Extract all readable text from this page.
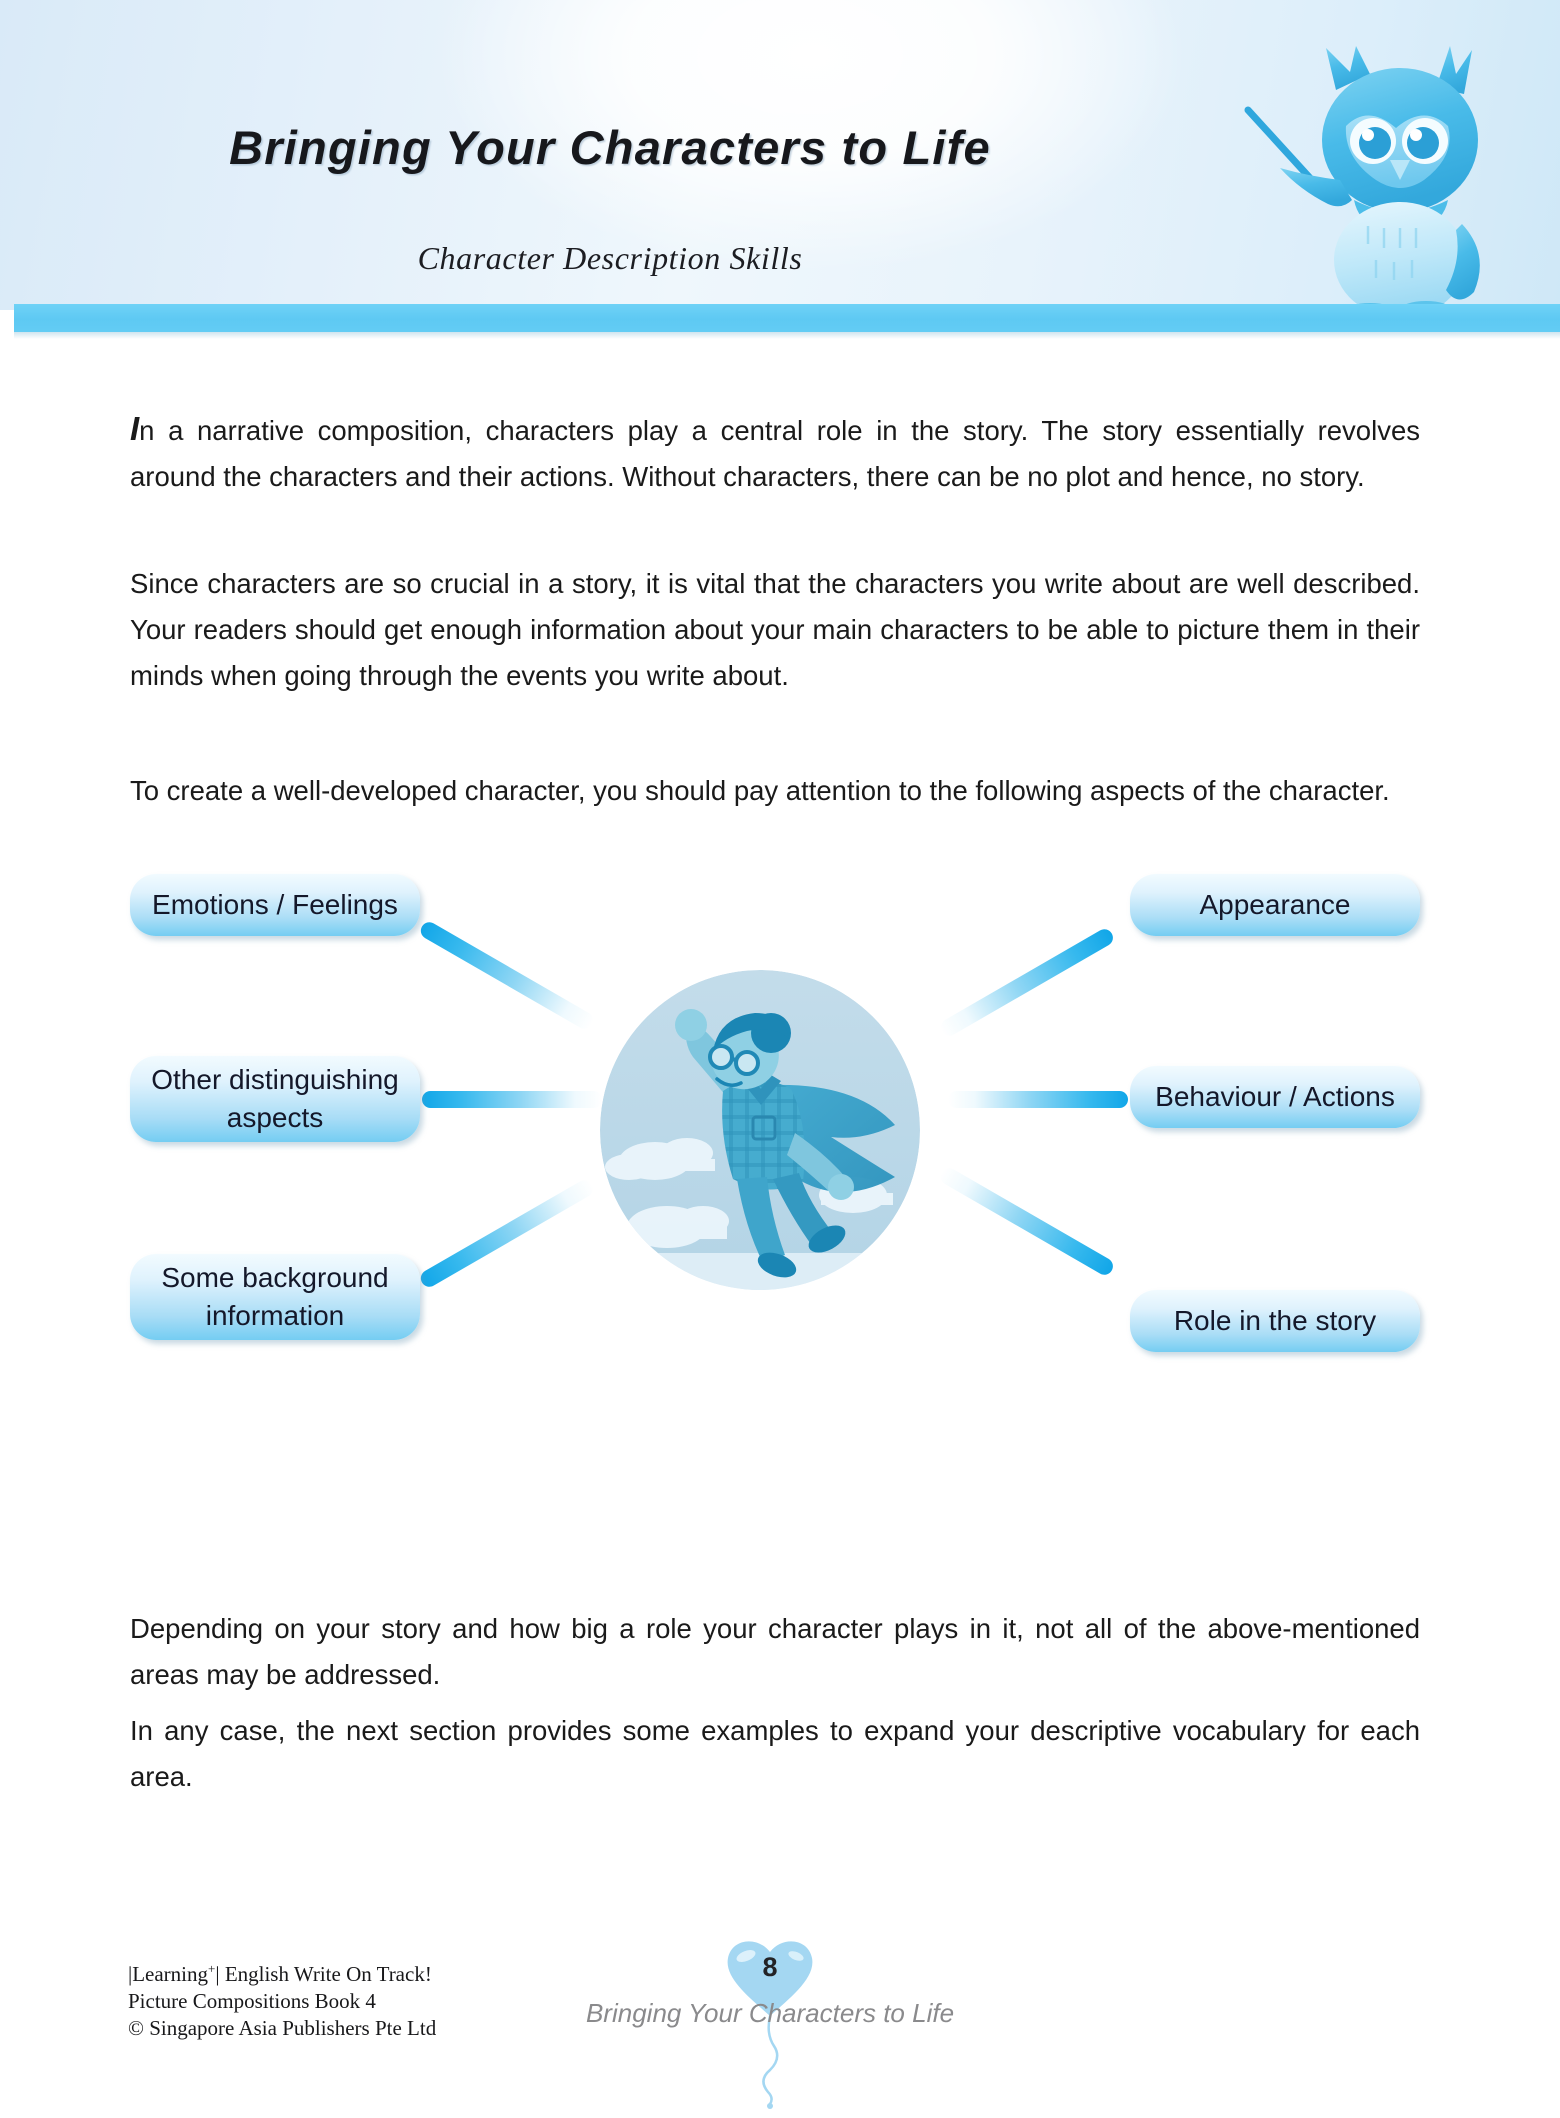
Bringing Your Characters to Life
Character Description Skills

In a narrative composition, characters play a central role in the story. The story essentially revolves around the characters and their actions. Without characters, there can be no plot and hence, no story.

Since characters are so crucial in a story, it is vital that the characters you write about are well described. Your readers should get enough information about your main characters to be able to picture them in their minds when going through the events you write about.

To create a well-developed character, you should pay attention to the following aspects of the character.

Emotions / Feelings
Other distinguishing aspects
Some background information
Appearance
Behaviour / Actions
Role in the story

Depending on your story and how big a role your character plays in it, not all of the above-mentioned areas may be addressed.

In any case, the next section provides some examples to expand your descriptive vocabulary for each area.

|Learning+| English Write On Track!
Picture Compositions Book 4
© Singapore Asia Publishers Pte Ltd
8
Bringing Your Characters to Life
